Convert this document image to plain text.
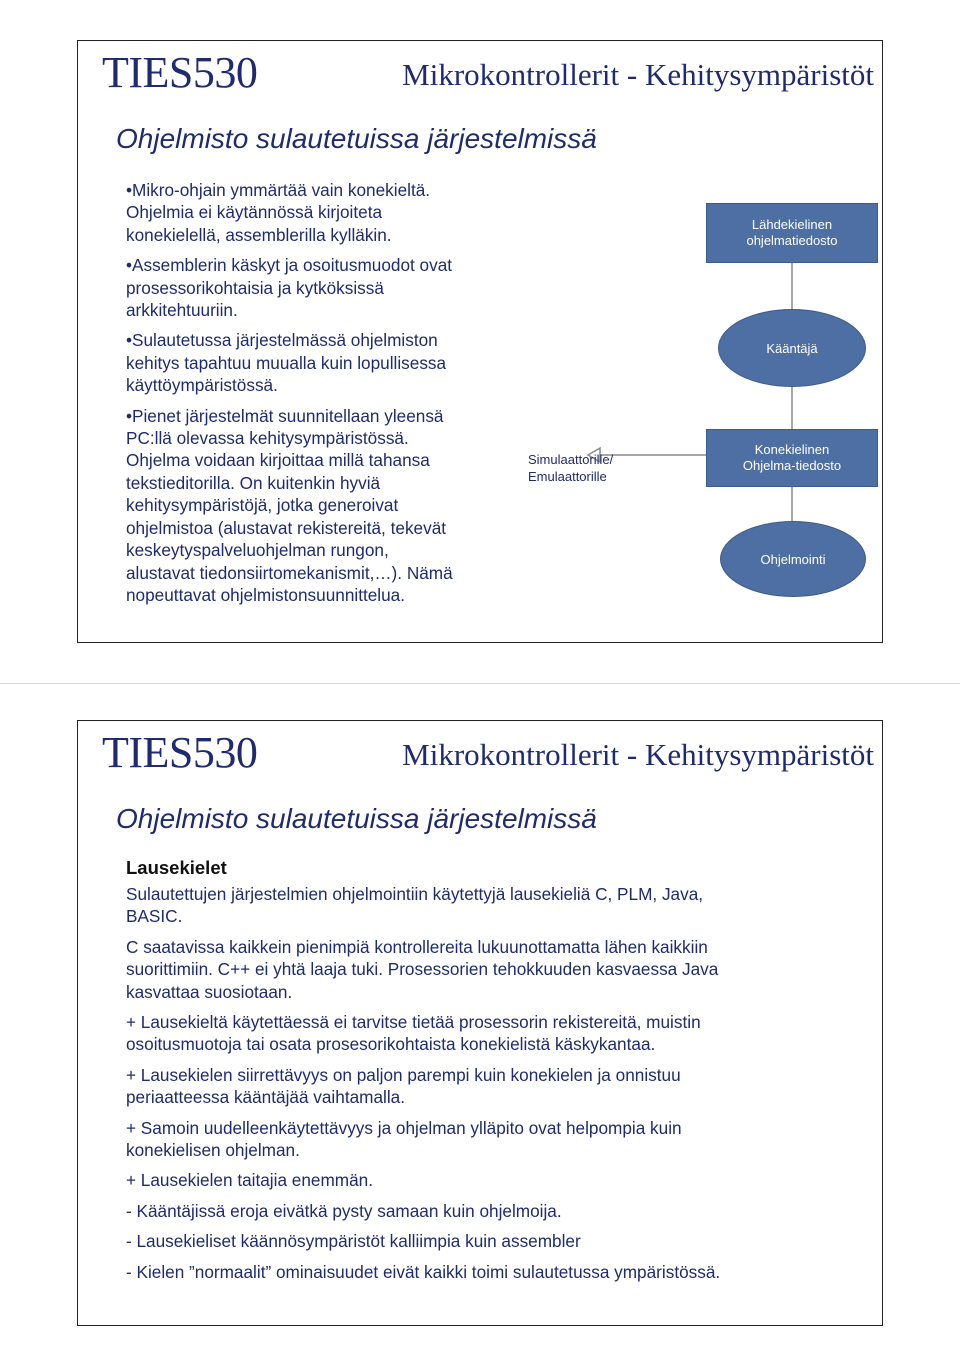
TIES530	Mikrokontrollerit - Kehitysympäristöt
Ohjelmisto sulautetuissa järjestelmissä
•Mikro-ohjain ymmärtää vain konekieltä.
Ohjelmia ei käytännössä kirjoiteta
konekielellä, assemblerilla kylläkin.
•Assemblerin käskyt ja osoitusmuodot ovat
prosessorikohtaisia ja kytköksissä
arkkitehtuuriin.
•Sulautetussa järjestelmässä ohjelmiston
kehitys tapahtuu muualla kuin lopullisessa
käyttöympäristössä.
•Pienet järjestelmät suunnitellaan yleensä
PC:llä olevassa kehitysympäristössä.
Ohjelma voidaan kirjoittaa millä tahansa
tekstieditorilla. On kuitenkin hyviä
kehitysympäristöjä, jotka generoivat
ohjelmistoa (alustavat rekistereitä, tekevät
keskeytyspalveluohjelman rungon,
alustavat tiedonsiirtomekanismit,…). Nämä
nopeuttavat ohjelmistonsuunnittelua.
Lähdekielinen
ohjelmatiedosto
Kääntäjä
Konekielinen
Ohjelma-tiedosto
Simulaattorille/
Emulaattorille
Ohjelmointi
TIES530	Mikrokontrollerit - Kehitysympäristöt
Ohjelmisto sulautetuissa järjestelmissä
Lausekielet
Sulautettujen järjestelmien ohjelmointiin käytettyjä lausekieliä C, PLM, Java,
BASIC.
C saatavissa kaikkein pienimpiä kontrollereita lukuunottamatta lähen kaikkiin
suorittimiin. C++ ei yhtä laaja tuki. Prosessorien tehokkuuden kasvaessa Java
kasvattaa suosiotaan.
+ Lausekieltä käytettäessä ei tarvitse tietää prosessorin rekistereitä, muistin
osoitusmuotoja tai osata prosesorikohtaista konekielistä käskykantaa.
+ Lausekielen siirrettävyys on paljon parempi kuin konekielen ja onnistuu
periaatteessa kääntäjää vaihtamalla.
+ Samoin uudelleenkäytettävyys ja ohjelman ylläpito ovat helpompia kuin
konekielisen ohjelman.
+ Lausekielen taitajia enemmän.
- Kääntäjissä eroja eivätkä pysty samaan kuin ohjelmoija.
- Lausekieliset käännösympäristöt kalliimpia kuin assembler
- Kielen ”normaalit” ominaisuudet eivät kaikki toimi sulautetussa ympäristössä.
